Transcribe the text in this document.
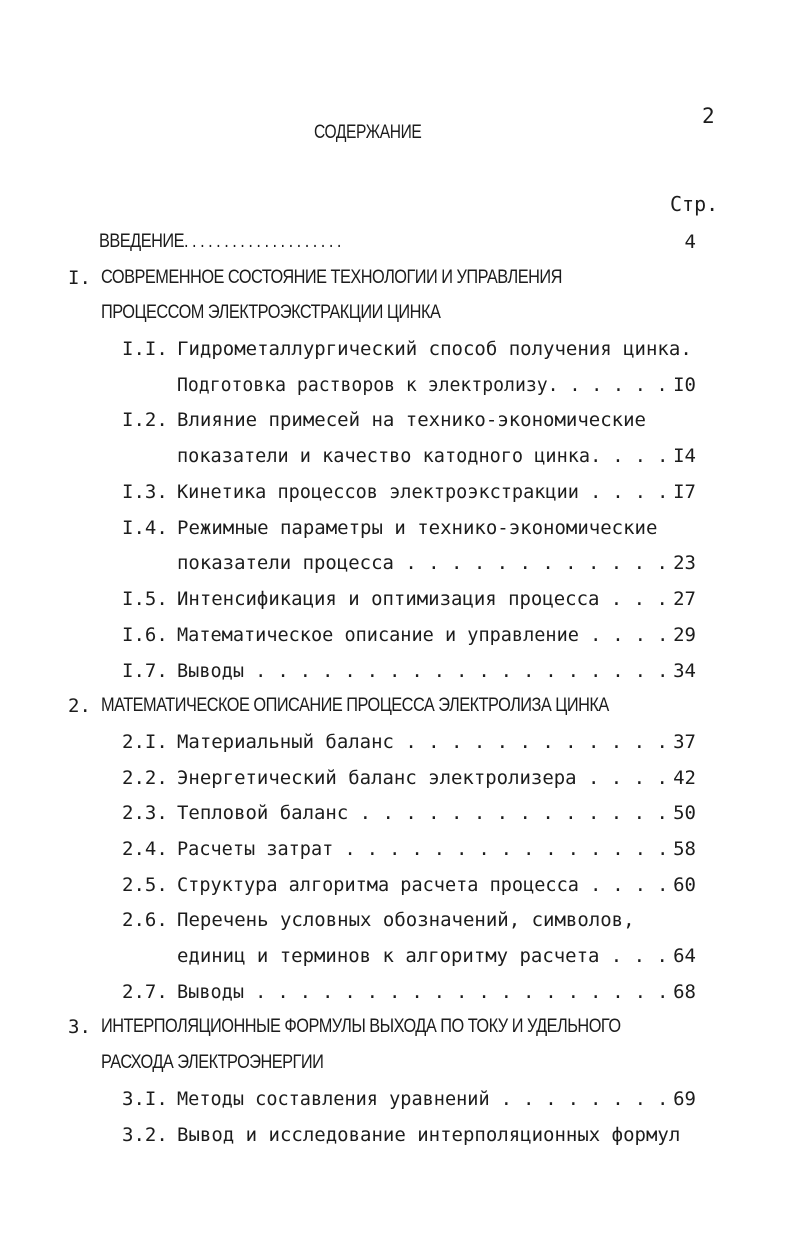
2
СОДЕРЖАНИЕ
Стр.
ВВЕДЕНИЕ. . . . . . . . . . . . . . . . . . . .	4
I. СОВРЕМЕННОЕ СОСТОЯНИЕ ТЕХНОЛОГИИ И УПРАВЛЕНИЯ
ПРОЦЕССОМ ЭЛЕКТРОЭКСТРАКЦИИ ЦИНКА
I.I. Гидрометаллургический способ получения цинка.
Подготовка растворов к электролизу. . . . . . I0
I.2. Влияние примесей на технико-экономические
показатели и качество катодного цинка. . . . I4
I.3. Кинетика процессов электроэкстракции . . . . I7
I.4. Режимные параметры и технико-экономические
показатели процесса . . . . . . . . . . . . 23
I.5. Интенсификация и оптимизация процесса . . . 27
I.6. Математическое описание и управление . . . . 29
I.7. Выводы . . . . . . . . . . . . . . . . . . . 34
2. МАТЕМАТИЧЕСКОЕ ОПИСАНИЕ ПРОЦЕССА ЭЛЕКТРОЛИЗА ЦИНКА
2.I. Материальный баланс . . . . . . . . . . . . 37
2.2. Энергетический баланс электролизера . . . . 42
2.3. Тепловой баланс . . . . . . . . . . . . . . 50
2.4. Расчеты затрат . . . . . . . . . . . . . . . 58
2.5. Структура алгоритма расчета процесса . . . . 60
2.6. Перечень условных обозначений, символов,
единиц и терминов к алгоритму расчета . . . 64
2.7. Выводы . . . . . . . . . . . . . . . . . . . 68
3. ИНТЕРПОЛЯЦИОННЫЕ ФОРМУЛЫ ВЫХОДА ПО ТОКУ И УДЕЛЬНОГО
РАСХОДА ЭЛЕКТРОЭНЕРГИИ
3.I. Методы составления уравнений . . . . . . . . 69
3.2. Вывод и исследование интерполяционных формул
